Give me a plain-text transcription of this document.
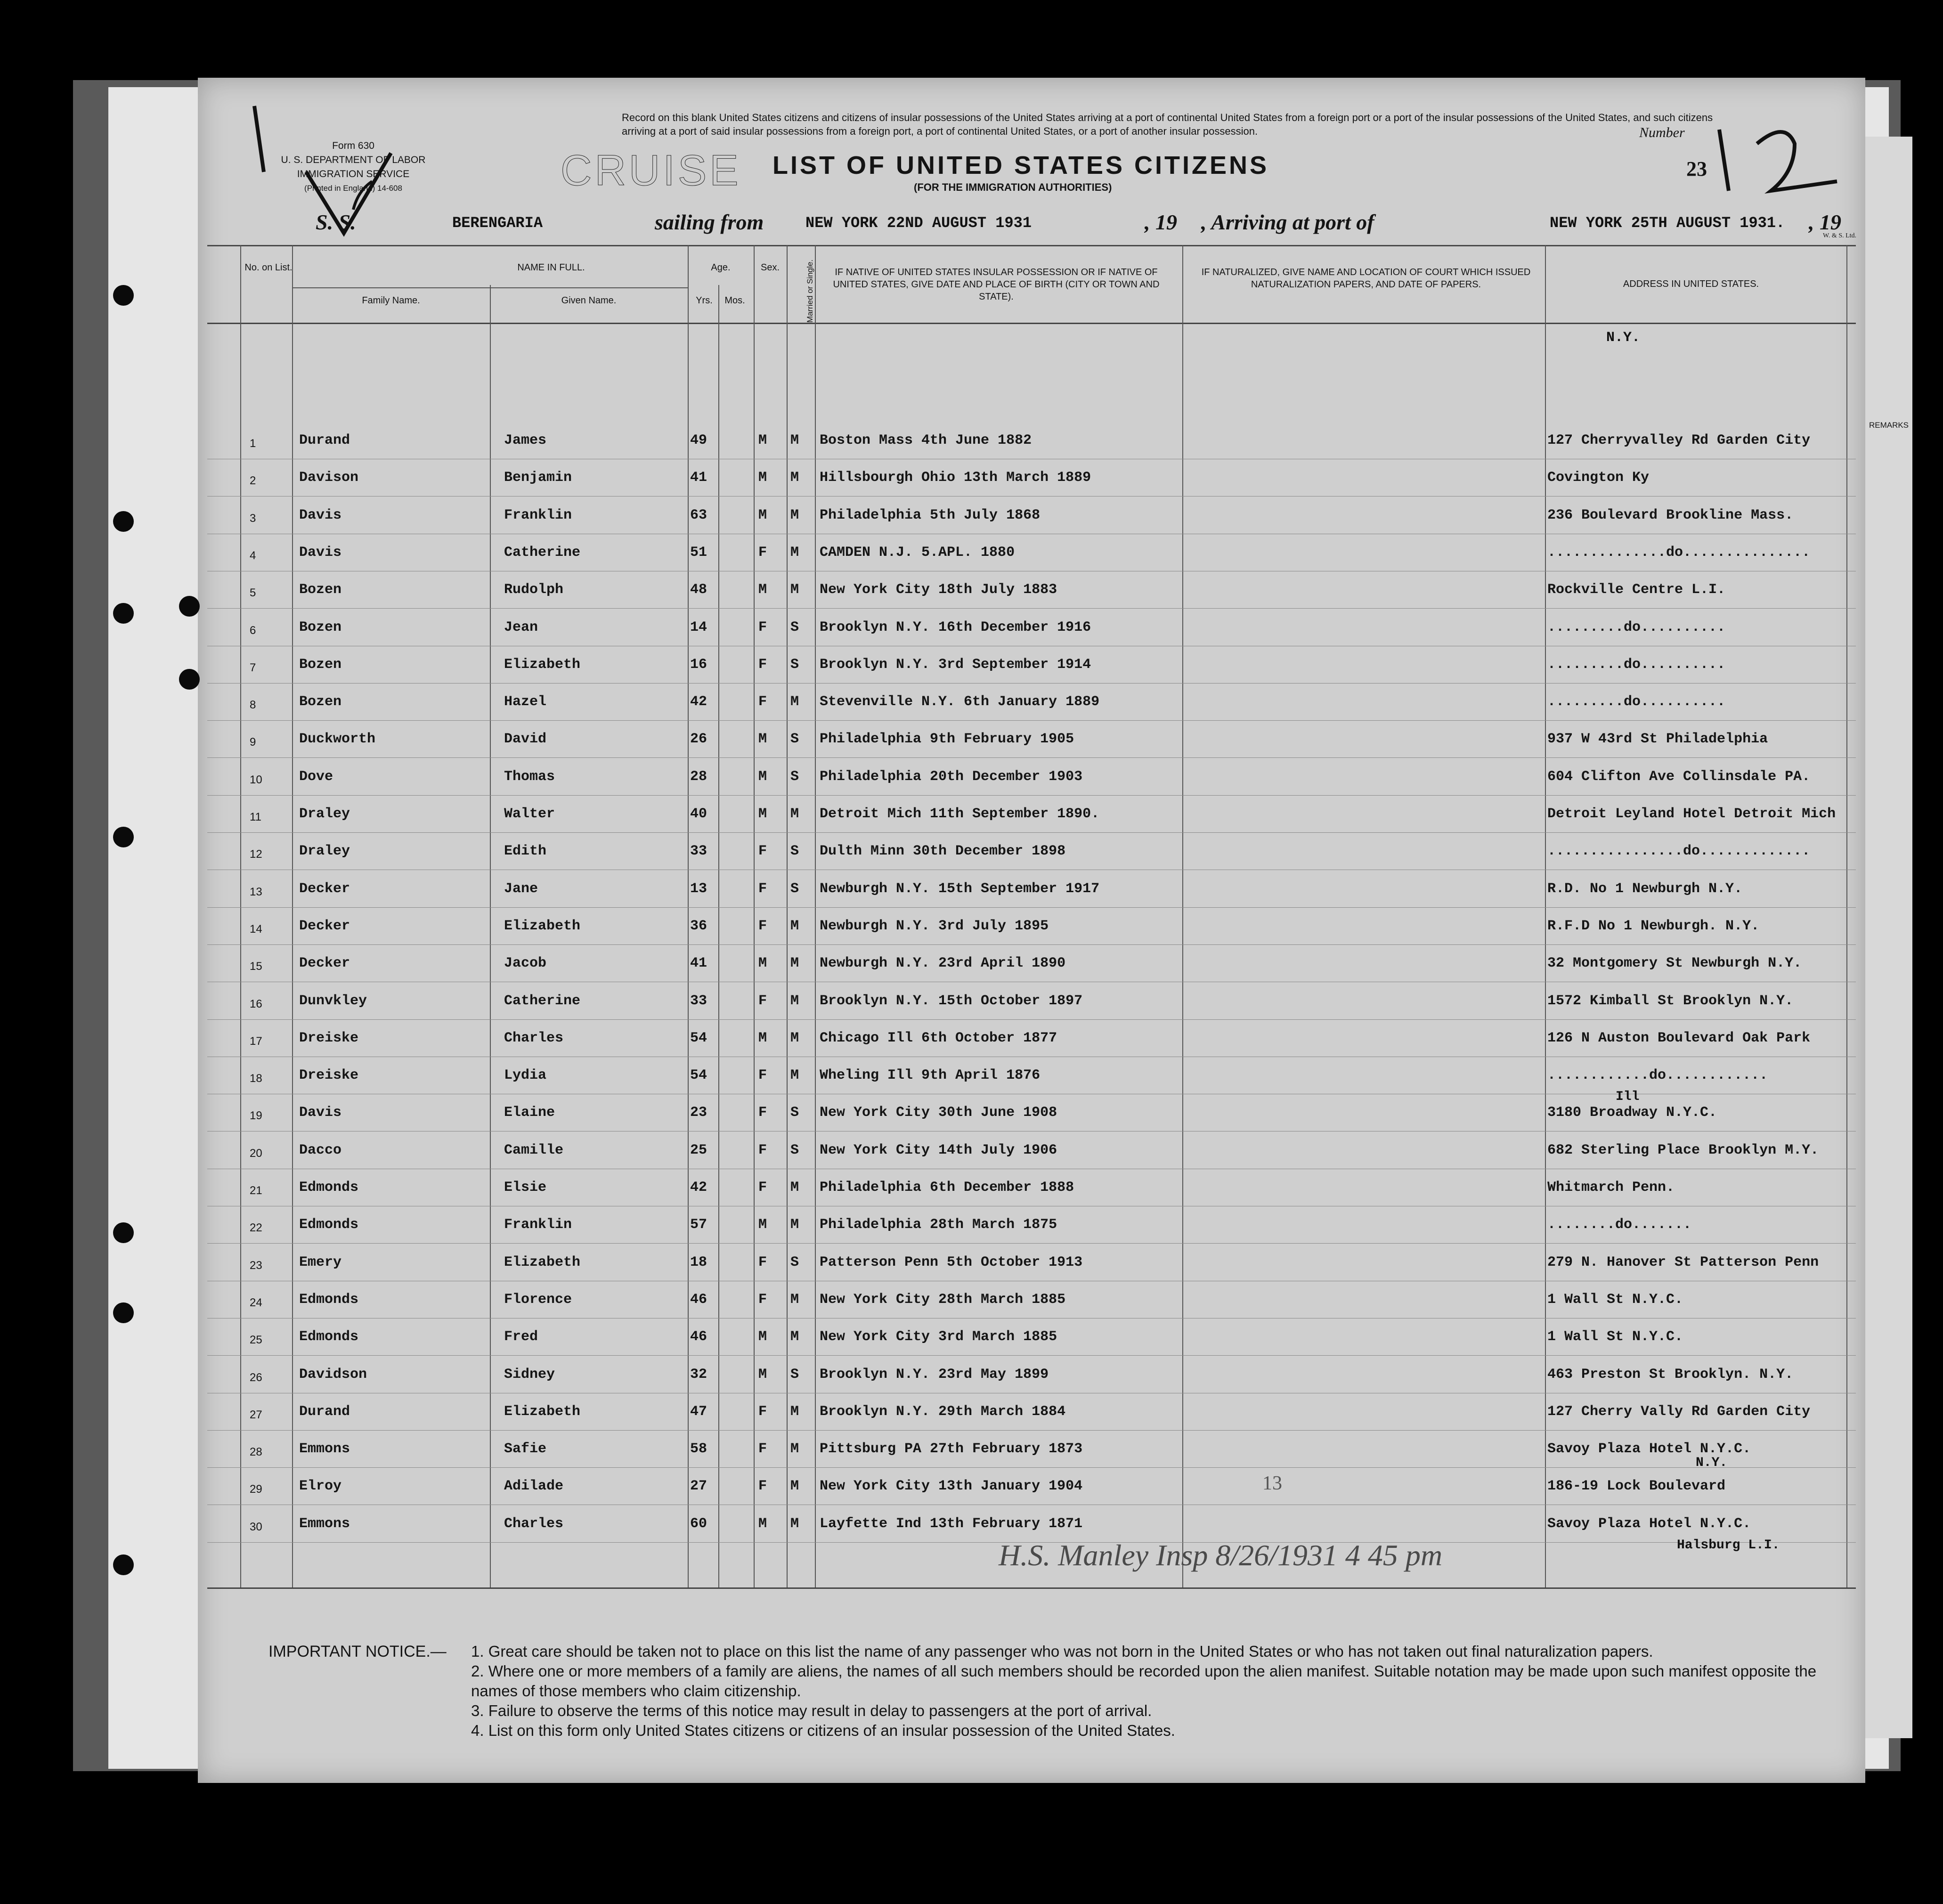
Form 630
U. S. DEPARTMENT OF LABOR
IMMIGRATION SERVICE
(Printed in England) 14-608
Record on this blank United States citizens and citizens of insular possessions of the United States arriving at a port of continental United States from a foreign port or a port of the insular possessions of the United States, and such citizens arriving at a port of said insular possessions from a foreign port, a port of continental United States, or a port of another insular possession.
CRUISE LIST OF UNITED STATES CITIZENS
(FOR THE IMMIGRATION AUTHORITIES)
Number
23
S. S.	BERENGARIA	sailing from	NEW YORK 22ND AUGUST 1931	, 19 , Arriving at port of	NEW YORK 25TH AUGUST 1931. , 19
W. & S. Ltd.
No. on List.	NAME IN FULL.
Family Name.	Given Name.
Age.
Yrs.	Mos.
Sex.	Married or Single.	IF NATIVE OF UNITED STATES INSULAR POSSESSION OR IF NATIVE OF UNITED STATES, GIVE DATE AND PLACE OF BIRTH (CITY OR TOWN AND STATE).
IF NATURALIZED, GIVE NAME AND LOCATION OF COURT WHICH ISSUED NATURALIZATION PAPERS, AND DATE OF PAPERS.	ADDRESS IN UNITED STATES.
REMARKS
N.Y.
1	Durand	James	49	M M Boston Mass 4th June 1882	127 Cherryvalley Rd Garden City
2	Davison	Benjamin	41	M M Hillsbourgh Ohio 13th March 1889	Covington Ky
3	Davis	Franklin	63	M M Philadelphia 5th July 1868	236 Boulevard Brookline Mass.
4	Davis	Catherine	51	F M CAMDEN N.J. 5.APL. 1880	..............do...............
5	Bozen	Rudolph	48	M M New York City 18th July 1883	Rockville Centre L.I.
6	Bozen	Jean	14	F S Brooklyn N.Y. 16th December 1916	.........do..........
7	Bozen	Elizabeth	16	F S Brooklyn N.Y. 3rd September 1914	.........do..........
8	Bozen	Hazel	42	F M Stevenville N.Y. 6th January 1889	.........do..........
9	Duckworth	David	26	M S Philadelphia 9th February 1905	937 W 43rd St Philadelphia
10	Dove	Thomas	28	M S Philadelphia 20th December 1903	604 Clifton Ave Collinsdale PA.
11	Draley	Walter	40	M M Detroit Mich 11th September 1890.	Detroit Leyland Hotel Detroit Mich
12	Draley	Edith	33	F S Dulth Minn 30th December 1898	................do.............
13	Decker	Jane	13	F S Newburgh N.Y. 15th September 1917	R.D. No 1 Newburgh N.Y.
14	Decker	Elizabeth	36	F M Newburgh N.Y. 3rd July 1895	R.F.D No 1 Newburgh. N.Y.
15	Decker	Jacob	41	M M Newburgh N.Y. 23rd April 1890	32 Montgomery St Newburgh N.Y.
16	Dunvkley	Catherine	33	F M Brooklyn N.Y. 15th October 1897	1572 Kimball St Brooklyn N.Y.
17	Dreiske	Charles	54	M M Chicago Ill 6th October 1877	126 N Auston Boulevard Oak Park
18	Dreiske	Lydia	54	F M Wheling Ill 9th April 1876	............do............
19	Davis	Elaine	23	F S New York City 30th June 1908	3180 Broadway N.Y.C.
20	Dacco	Camille	25	F S New York City 14th July 1906	682 Sterling Place Brooklyn M.Y.
21	Edmonds	Elsie	42	F M Philadelphia 6th December 1888	Whitmarch Penn.
22	Edmonds	Franklin	57	M M Philadelphia 28th March 1875	........do.......
23	Emery	Elizabeth	18	F S Patterson Penn 5th October 1913	279 N. Hanover St Patterson Penn
24	Edmonds	Florence	46	F M New York City 28th March 1885	1 Wall St N.Y.C.
25	Edmonds	Fred	46	M M New York City 3rd March 1885	1 Wall St N.Y.C.
26	Davidson	Sidney	32	M S Brooklyn N.Y. 23rd May 1899	463 Preston St Brooklyn. N.Y.
27	Durand	Elizabeth	47	F M Brooklyn N.Y. 29th March 1884	127 Cherry Vally Rd Garden City
28	Emmons	Safie	58	F M Pittsburg PA 27th February 1873	Savoy Plaza Hotel N.Y.C.
29	Elroy	Adilade	27	F M New York City 13th January 1904	186-19 Lock Boulevard
30	Emmons	Charles	60	M M Layfette Ind 13th February 1871	Savoy Plaza Hotel N.Y.C.
Ill
N.Y.
Halsburg L.I.
13
H.S. Manley Insp 8/26/1931 4 45 pm
IMPORTANT NOTICE.— 1. Great care should be taken not to place on this list the name of any passenger who was not born in the United States or who has not taken out final naturalization papers.
2. Where one or more members of a family are aliens, the names of all such members should be recorded upon the alien manifest. Suitable notation may be made upon such manifest opposite the names of those members who claim citizenship.
3. Failure to observe the terms of this notice may result in delay to passengers at the port of arrival.
4. List on this form only United States citizens or citizens of an insular possession of the United States.
